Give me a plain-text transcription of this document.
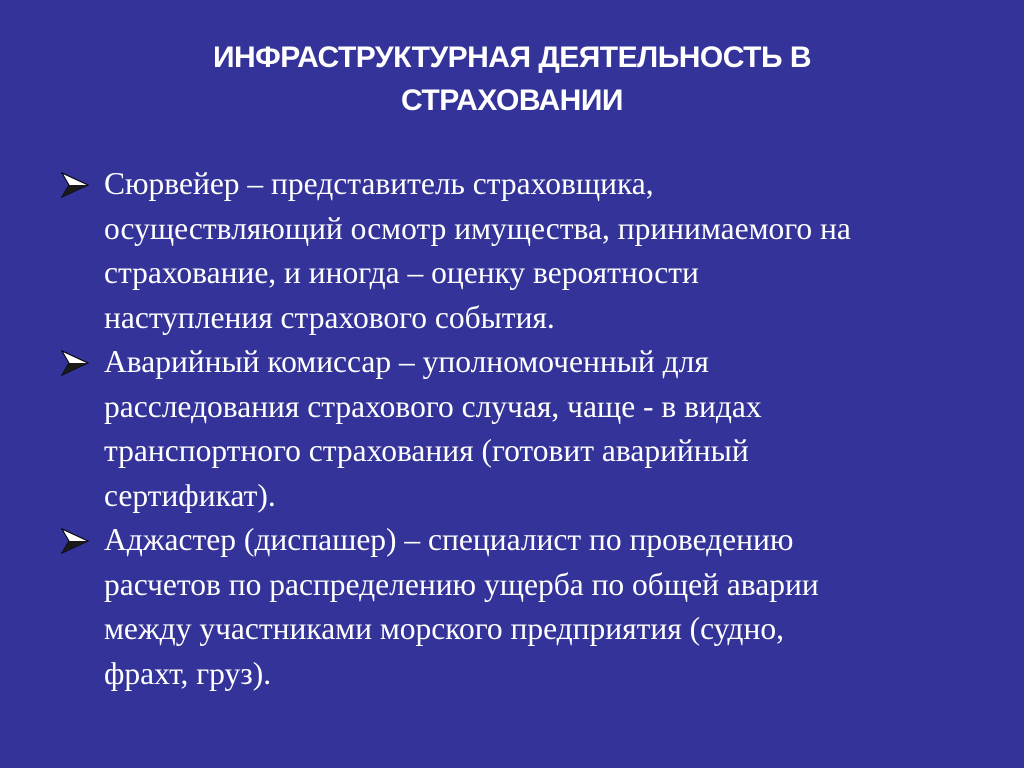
ИНФРАСТРУКТУРНАЯ ДЕЯТЕЛЬНОСТЬ В
СТРАХОВАНИИ
Сюрвейер – представитель страховщика,
осуществляющий осмотр имущества, принимаемого на
страхование, и иногда – оценку вероятности
наступления страхового события.
Аварийный комиссар – уполномоченный для
расследования страхового случая, чаще - в видах
транспортного страхования (готовит аварийный
сертификат).
Аджастер (диспашер) – специалист по проведению
расчетов по распределению ущерба по общей аварии
между участниками морского предприятия (судно,
фрахт, груз).
